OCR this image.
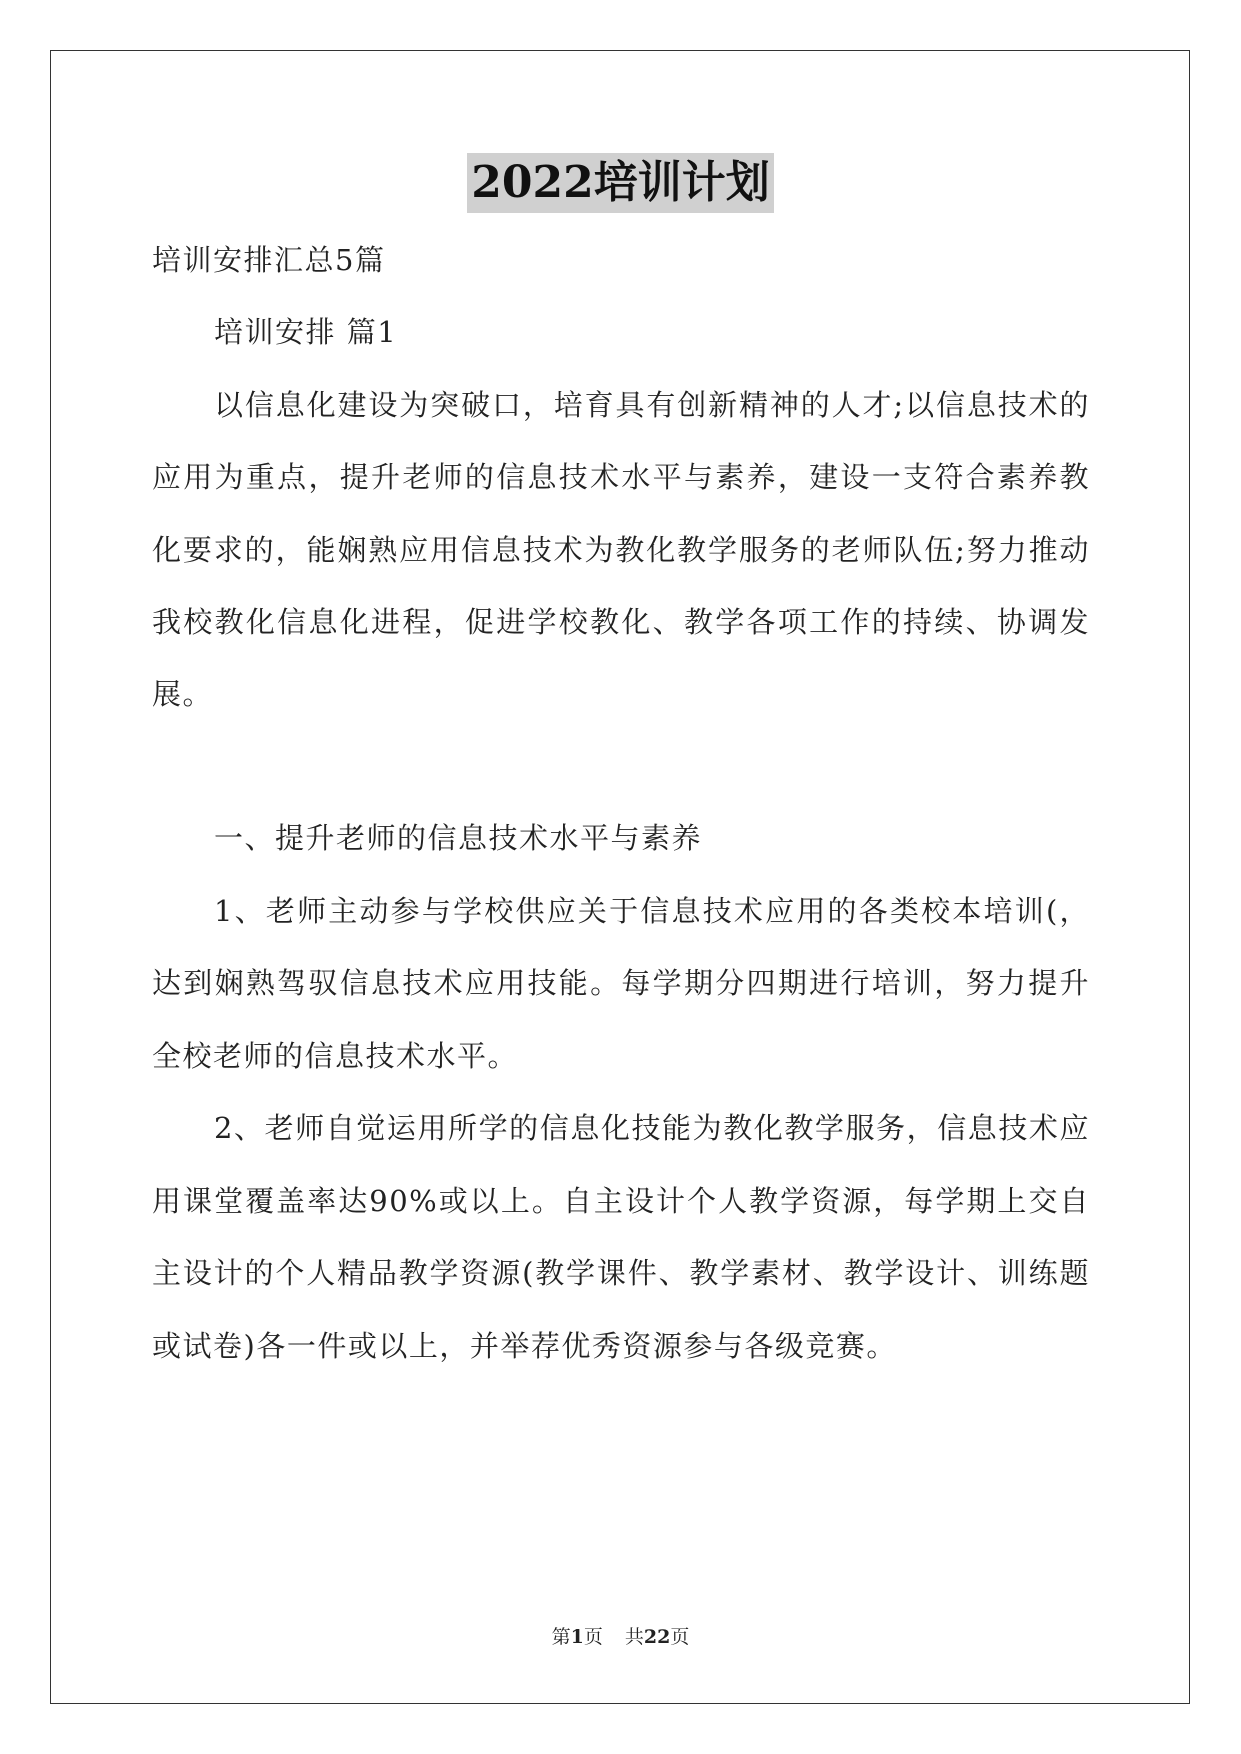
2022培训计划
培训安排汇总5篇
培训安排 篇1
以信息化建设为突破口，培育具有创新精神的人才;以信息技术的
应用为重点，提升老师的信息技术水平与素养，建设一支符合素养教
化要求的，能娴熟应用信息技术为教化教学服务的老师队伍;努力推动
我校教化信息化进程，促进学校教化、教学各项工作的持续、协调发
展。
一、提升老师的信息技术水平与素养
1、老师主动参与学校供应关于信息技术应用的各类校本培训(，
达到娴熟驾驭信息技术应用技能。每学期分四期进行培训，努力提升
全校老师的信息技术水平。
2、老师自觉运用所学的信息化技能为教化教学服务，信息技术应
用课堂覆盖率达90%或以上。自主设计个人教学资源，每学期上交自
主设计的个人精品教学资源(教学课件、教学素材、教学设计、训练题
或试卷)各一件或以上，并举荐优秀资源参与各级竞赛。
第1页 共22页
